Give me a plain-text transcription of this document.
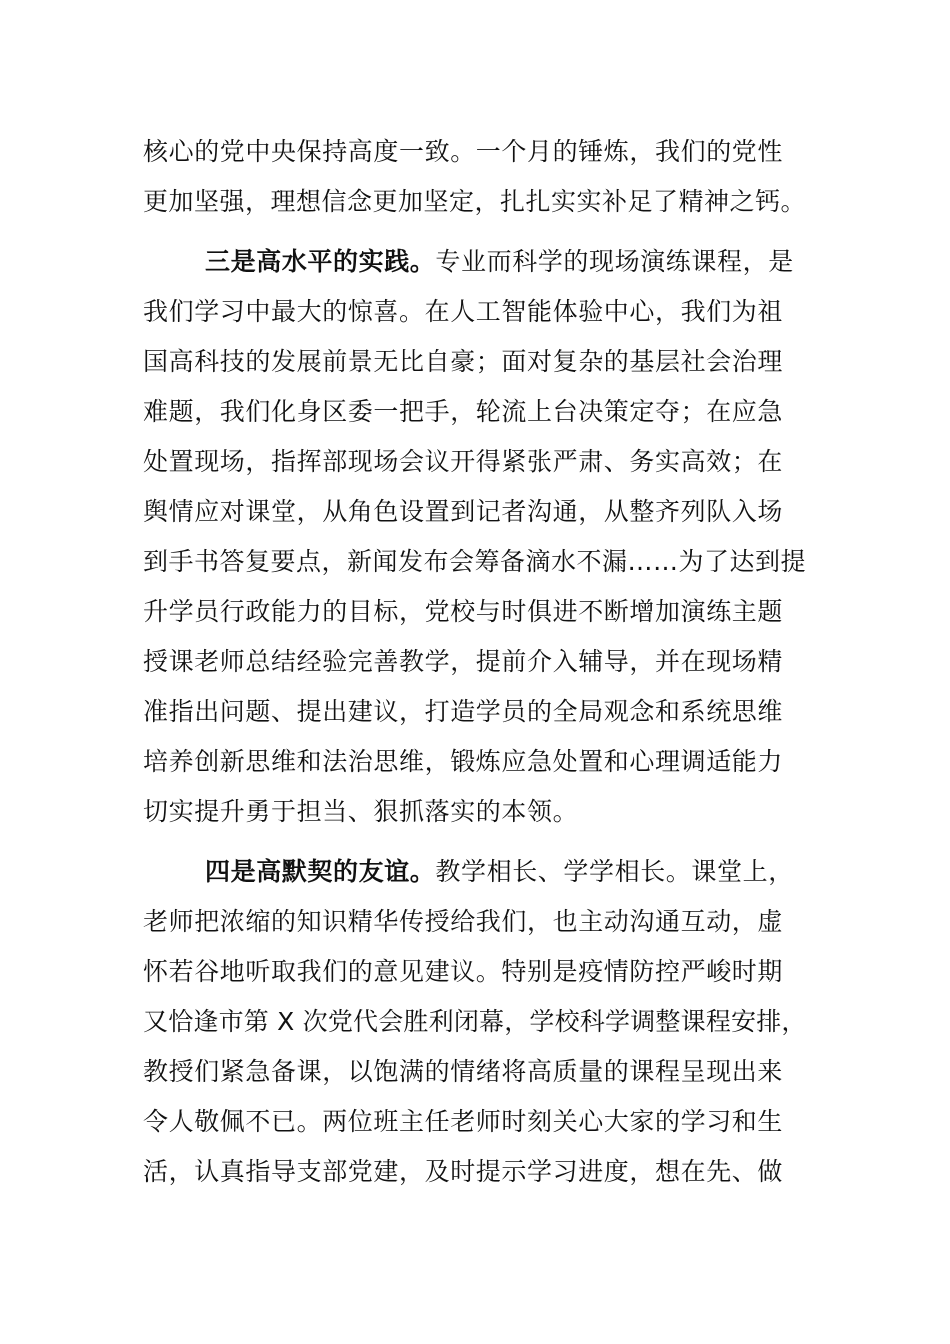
核心的党中央保持高度一致。一个月的锤炼，我们的党性
更加坚强，理想信念更加坚定，扎扎实实补足了精神之钙。
三是高水平的实践。专业而科学的现场演练课程，是
我们学习中最大的惊喜。在人工智能体验中心，我们为祖
国高科技的发展前景无比自豪；面对复杂的基层社会治理
难题，我们化身区委一把手，轮流上台决策定夺；在应急
处置现场，指挥部现场会议开得紧张严肃、务实高效；在
舆情应对课堂，从角色设置到记者沟通，从整齐列队入场
到手书答复要点，新闻发布会筹备滴水不漏……为了达到提
升学员行政能力的目标，党校与时俱进不断增加演练主题
授课老师总结经验完善教学，提前介入辅导，并在现场精
准指出问题、提出建议，打造学员的全局观念和系统思维
培养创新思维和法治思维，锻炼应急处置和心理调适能力
切实提升勇于担当、狠抓落实的本领。
四是高默契的友谊。教学相长、学学相长。课堂上，
老师把浓缩的知识精华传授给我们，也主动沟通互动，虚
怀若谷地听取我们的意见建议。特别是疫情防控严峻时期
又恰逢市第 X 次党代会胜利闭幕，学校科学调整课程安排，
教授们紧急备课，以饱满的情绪将高质量的课程呈现出来
令人敬佩不已。两位班主任老师时刻关心大家的学习和生
活，认真指导支部党建，及时提示学习进度，想在先、做
